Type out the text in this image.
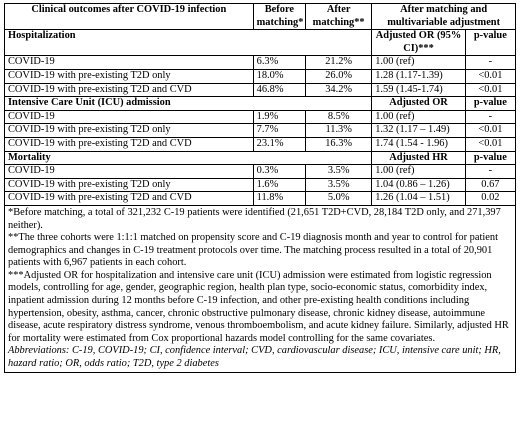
Clinical outcomes after COVID-19 infection	Before matching*	After matching**	After matching and multivariable adjustment	
Hospitalization			Adjusted OR (95% CI)***	p-value
COVID-19	6.3%	21.2%	1.00 (ref)	-
COVID-19 with pre-existing T2D only	18.0%	26.0%	1.28 (1.17-1.39)	<0.01
COVID-19 with pre-existing T2D and CVD	46.8%	34.2%	1.59 (1.45-1.74)	<0.01
Intensive Care Unit (ICU) admission			Adjusted OR	p-value
COVID-19	1.9%	8.5%	1.00 (ref)	-
COVID-19 with pre-existing T2D only	7.7%	11.3%	1.32 (1.17 – 1.49)	<0.01
COVID-19 with pre-existing T2D and CVD	23.1%	16.3%	1.74 (1.54 - 1.96)	<0.01
Mortality			Adjusted HR	p-value
COVID-19	0.3%	3.5%	1.00 (ref)	-
COVID-19 with pre-existing T2D only	1.6%	3.5%	1.04 (0.86 – 1.26)	0.67
COVID-19 with pre-existing T2D and CVD	11.8%	5.0%	1.26 (1.04 – 1.51)	0.02

*Before matching, a total of 321,232 C-19 patients were identified (21,651 T2D+CVD, 28,184 T2D only, and 271,397 neither).

**The three cohorts were 1:1:1 matched on propensity score and C-19 diagnosis month and year to control for patient demographics and changes in C-19 treatment protocols over time. The matching process resulted in a total of 20,901 patients with 6,967 patients in each cohort.

***Adjusted OR for hospitalization and intensive care unit (ICU) admission were estimated from logistic regression models, controlling for age, gender, geographic region, health plan type, socio-economic status, comorbidity index, inpatient admission during 12 months before C-19 infection, and other pre-existing health conditions including hypertension, obesity, asthma, cancer, chronic obstructive pulmonary disease, chronic kidney disease, autoimmune disease, acute respiratory distress syndrome, venous thromboembolism, and acute kidney failure. Similarly, adjusted HR for mortality were estimated from Cox proportional hazards model controlling for the same covariates.

Abbreviations: C-19, COVID-19; CI, confidence interval; CVD, cardiovascular disease; ICU, intensive care unit; HR, hazard ratio; OR, odds ratio; T2D, type 2 diabetes				
